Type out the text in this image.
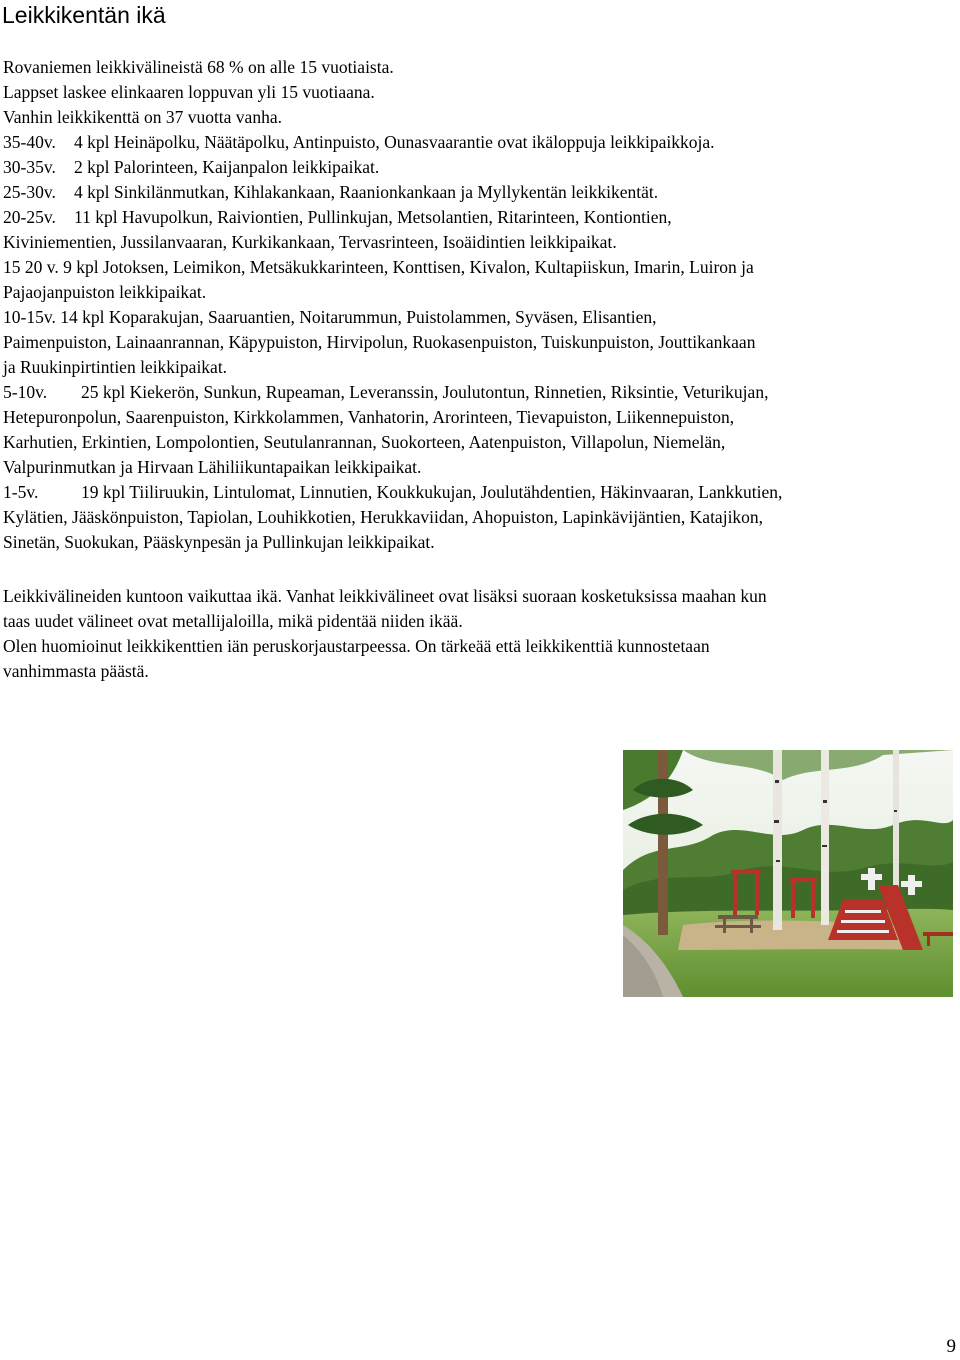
Leikkikentän ikä

Rovaniemen leikkivälineistä 68 % on alle 15 vuotiaista.

Lappset laskee elinkaaren loppuvan yli 15 vuotiaana.

Vanhin leikkikenttä on 37 vuotta vanha.

35-40v. 4 kpl Heinäpolku, Näätäpolku, Antinpuisto, Ounasvaarantie ovat ikäloppuja leikkipaikkoja.

30-35v. 2 kpl Palorinteen, Kaijanpalon leikkipaikat.

25-30v. 4 kpl Sinkilänmutkan, Kihlakankaan, Raanionkankaan ja Myllykentän leikkikentät.

20-25v. 11 kpl Havupolkun, Raiviontien, Pullinkujan, Metsolantien, Ritarinteen, Kontiontien,

Kiviniementien, Jussilanvaaran, Kurkikankaan, Tervasrinteen, Isoäidintien leikkipaikat.

15 20 v. 9 kpl Jotoksen, Leimikon, Metsäkukkarinteen, Konttisen, Kivalon, Kultapiiskun, Imarin, Luiron ja

Pajaojanpuiston leikkipaikat.

10-15v. 14 kpl Koparakujan, Saaruantien, Noitarummun, Puistolammen, Syväsen, Elisantien,

Paimenpuiston, Lainaanrannan, Käpypuiston, Hirvipolun, Ruokasenpuiston, Tuiskunpuiston, Jouttikankaan

ja Ruukinpirtintien leikkipaikat.

5-10v. 25 kpl Kiekerön, Sunkun, Rupeaman, Leveranssin, Joulutontun, Rinnetien, Riksintie, Veturikujan,

Hetepuronpolun, Saarenpuiston, Kirkkolammen, Vanhatorin, Arorinteen, Tievapuiston, Liikennepuiston,

Karhutien, Erkintien, Lompolontien, Seutulanrannan, Suokorteen, Aatenpuiston, Villapolun, Niemelän,

Valpurinmutkan ja Hirvaan Lähiliikuntapaikan leikkipaikat.

1-5v. 19 kpl Tiiliruukin, Lintulomat, Linnutien, Koukkukujan, Joulutähdentien, Häkinvaaran, Lankkutien,

Kylätien, Jääskönpuiston, Tapiolan, Louhikkotien, Herukkaviidan, Ahopuiston, Lapinkävijäntien, Katajikon,

Sinetän, Suokukan, Pääskynpesän ja Pullinkujan leikkipaikat.

Leikkivälineiden kuntoon vaikuttaa ikä. Vanhat leikkivälineet ovat lisäksi suoraan kosketuksissa maahan kun

taas uudet välineet ovat metallijaloilla, mikä pidentää niiden ikää.

Olen huomioinut leikkikenttien iän peruskorjaustarpeessa. On tärkeää että leikkikenttiä kunnostetaan

vanhimmasta päästä.

9
